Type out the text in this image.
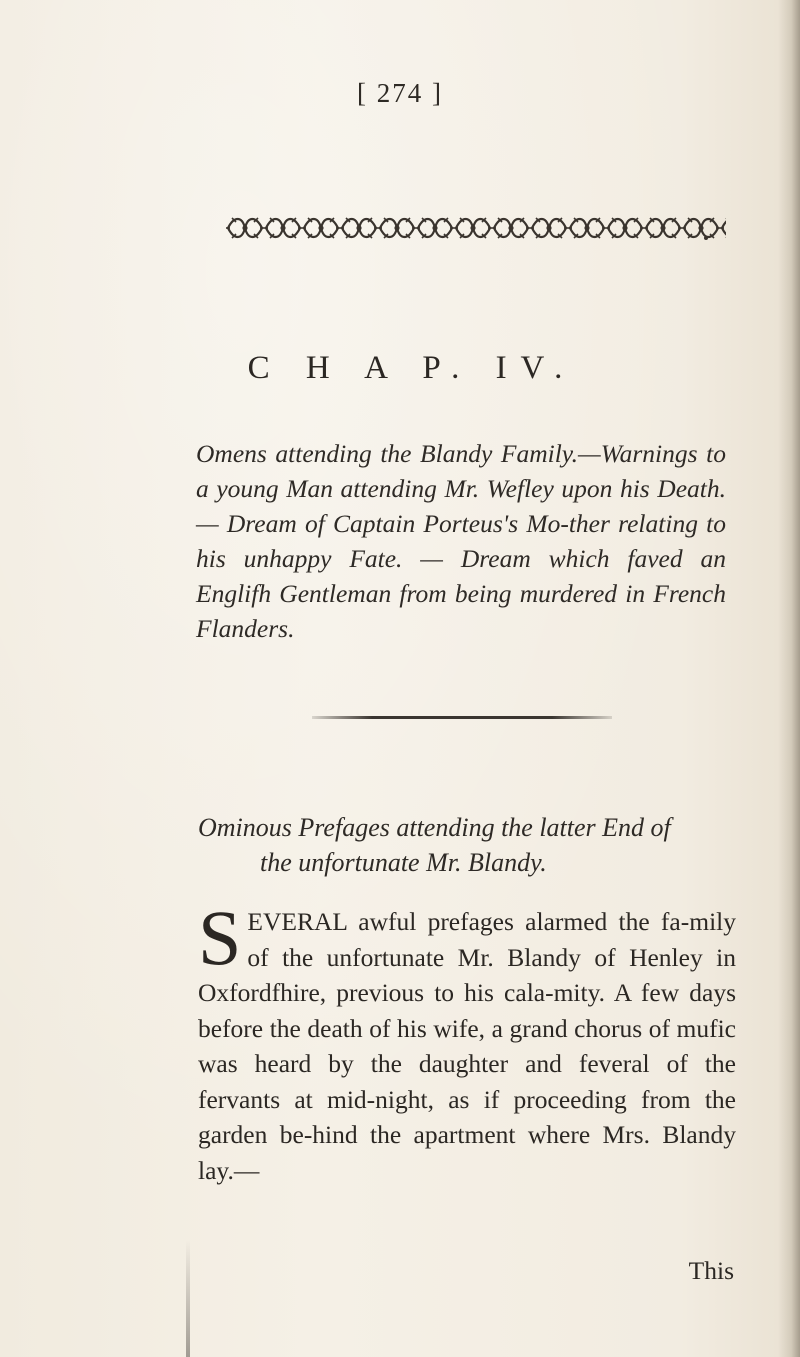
[ 274 ]
C H A P. IV.
Omens attending the Blandy Family.—Warnings to a young Man attending Mr. Wefley upon his Death. — Dream of Captain Porteus's Mo-ther relating to his unhappy Fate. — Dream which faved an Englifh Gentleman from being murdered in French Flanders.
Ominous Prefages attending the latter End of
the unfortunate Mr. Blandy.
SEVERAL awful prefages alarmed the fa-mily of the unfortunate Mr. Blandy of Henley in Oxfordfhire, previous to his cala-mity. A few days before the death of his wife, a grand chorus of mufic was heard by the daughter and feveral of the fervants at mid-night, as if proceeding from the garden be-hind the apartment where Mrs. Blandy lay.—
This
